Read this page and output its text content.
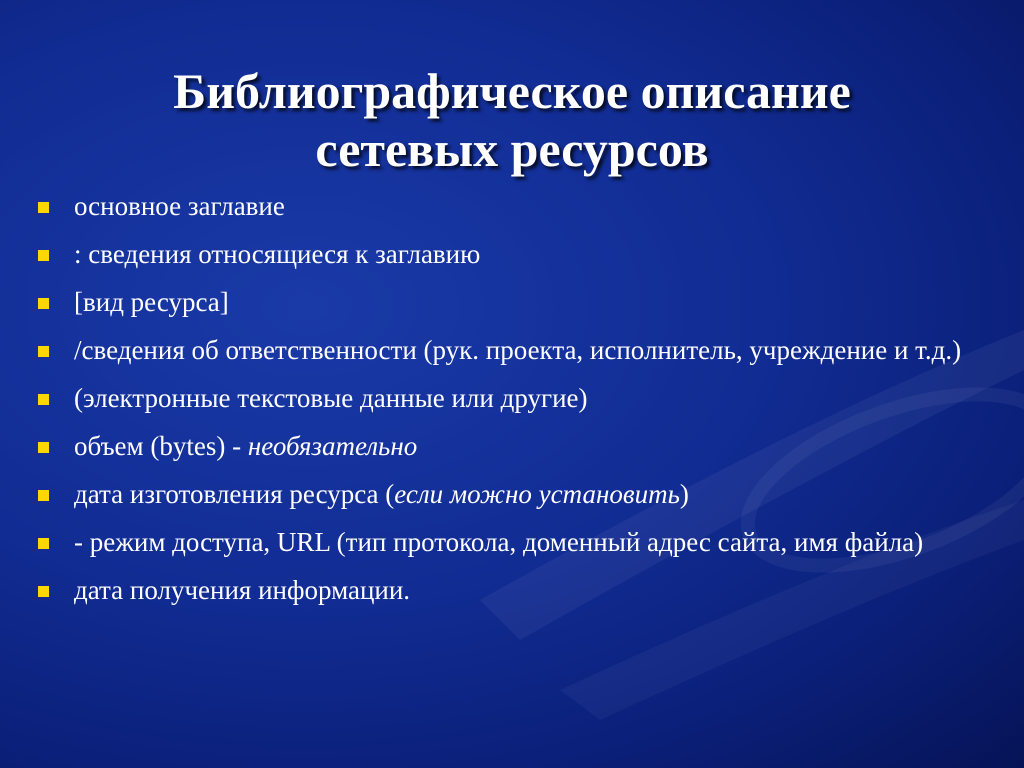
Библиографическое описание
сетевых ресурсов
основное заглавие
: сведения относящиеся к заглавию
[вид ресурса]
/сведения об ответственности (рук. проекта, исполнитель, учреждение и т.д.)
(электронные текстовые данные или другие)
объем (bytes) - необязательно
дата изготовления ресурса (если можно установить)
- режим доступа, URL (тип протокола, доменный адрес сайта, имя файла)
дата получения информации.
